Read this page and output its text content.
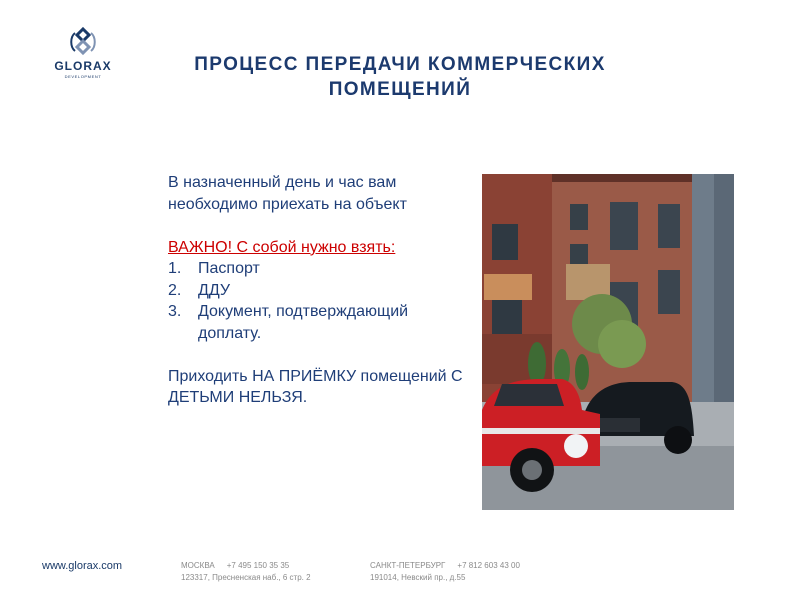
GLORAX
DEVELOPMENT
ПРОЦЕСС ПЕРЕДАЧИ КОММЕРЧЕСКИХ
ПОМЕЩЕНИЙ

В назначенный день и час вам необходимо приехать на объект

ВАЖНО! С собой нужно взять:

1. Паспорт
2. ДДУ
3. Документ, подтверждающий доплату.

Приходить НА ПРИЁМКУ помещений С ДЕТЬМИ НЕЛЬЗЯ.

www.glorax.com	МОСКВА +7 495 150 35 35
123317, Пресненская наб., 6 стр. 2
САНКТ-ПЕТЕРБУРГ +7 812 603 43 00
191014, Невский пр., д.55
